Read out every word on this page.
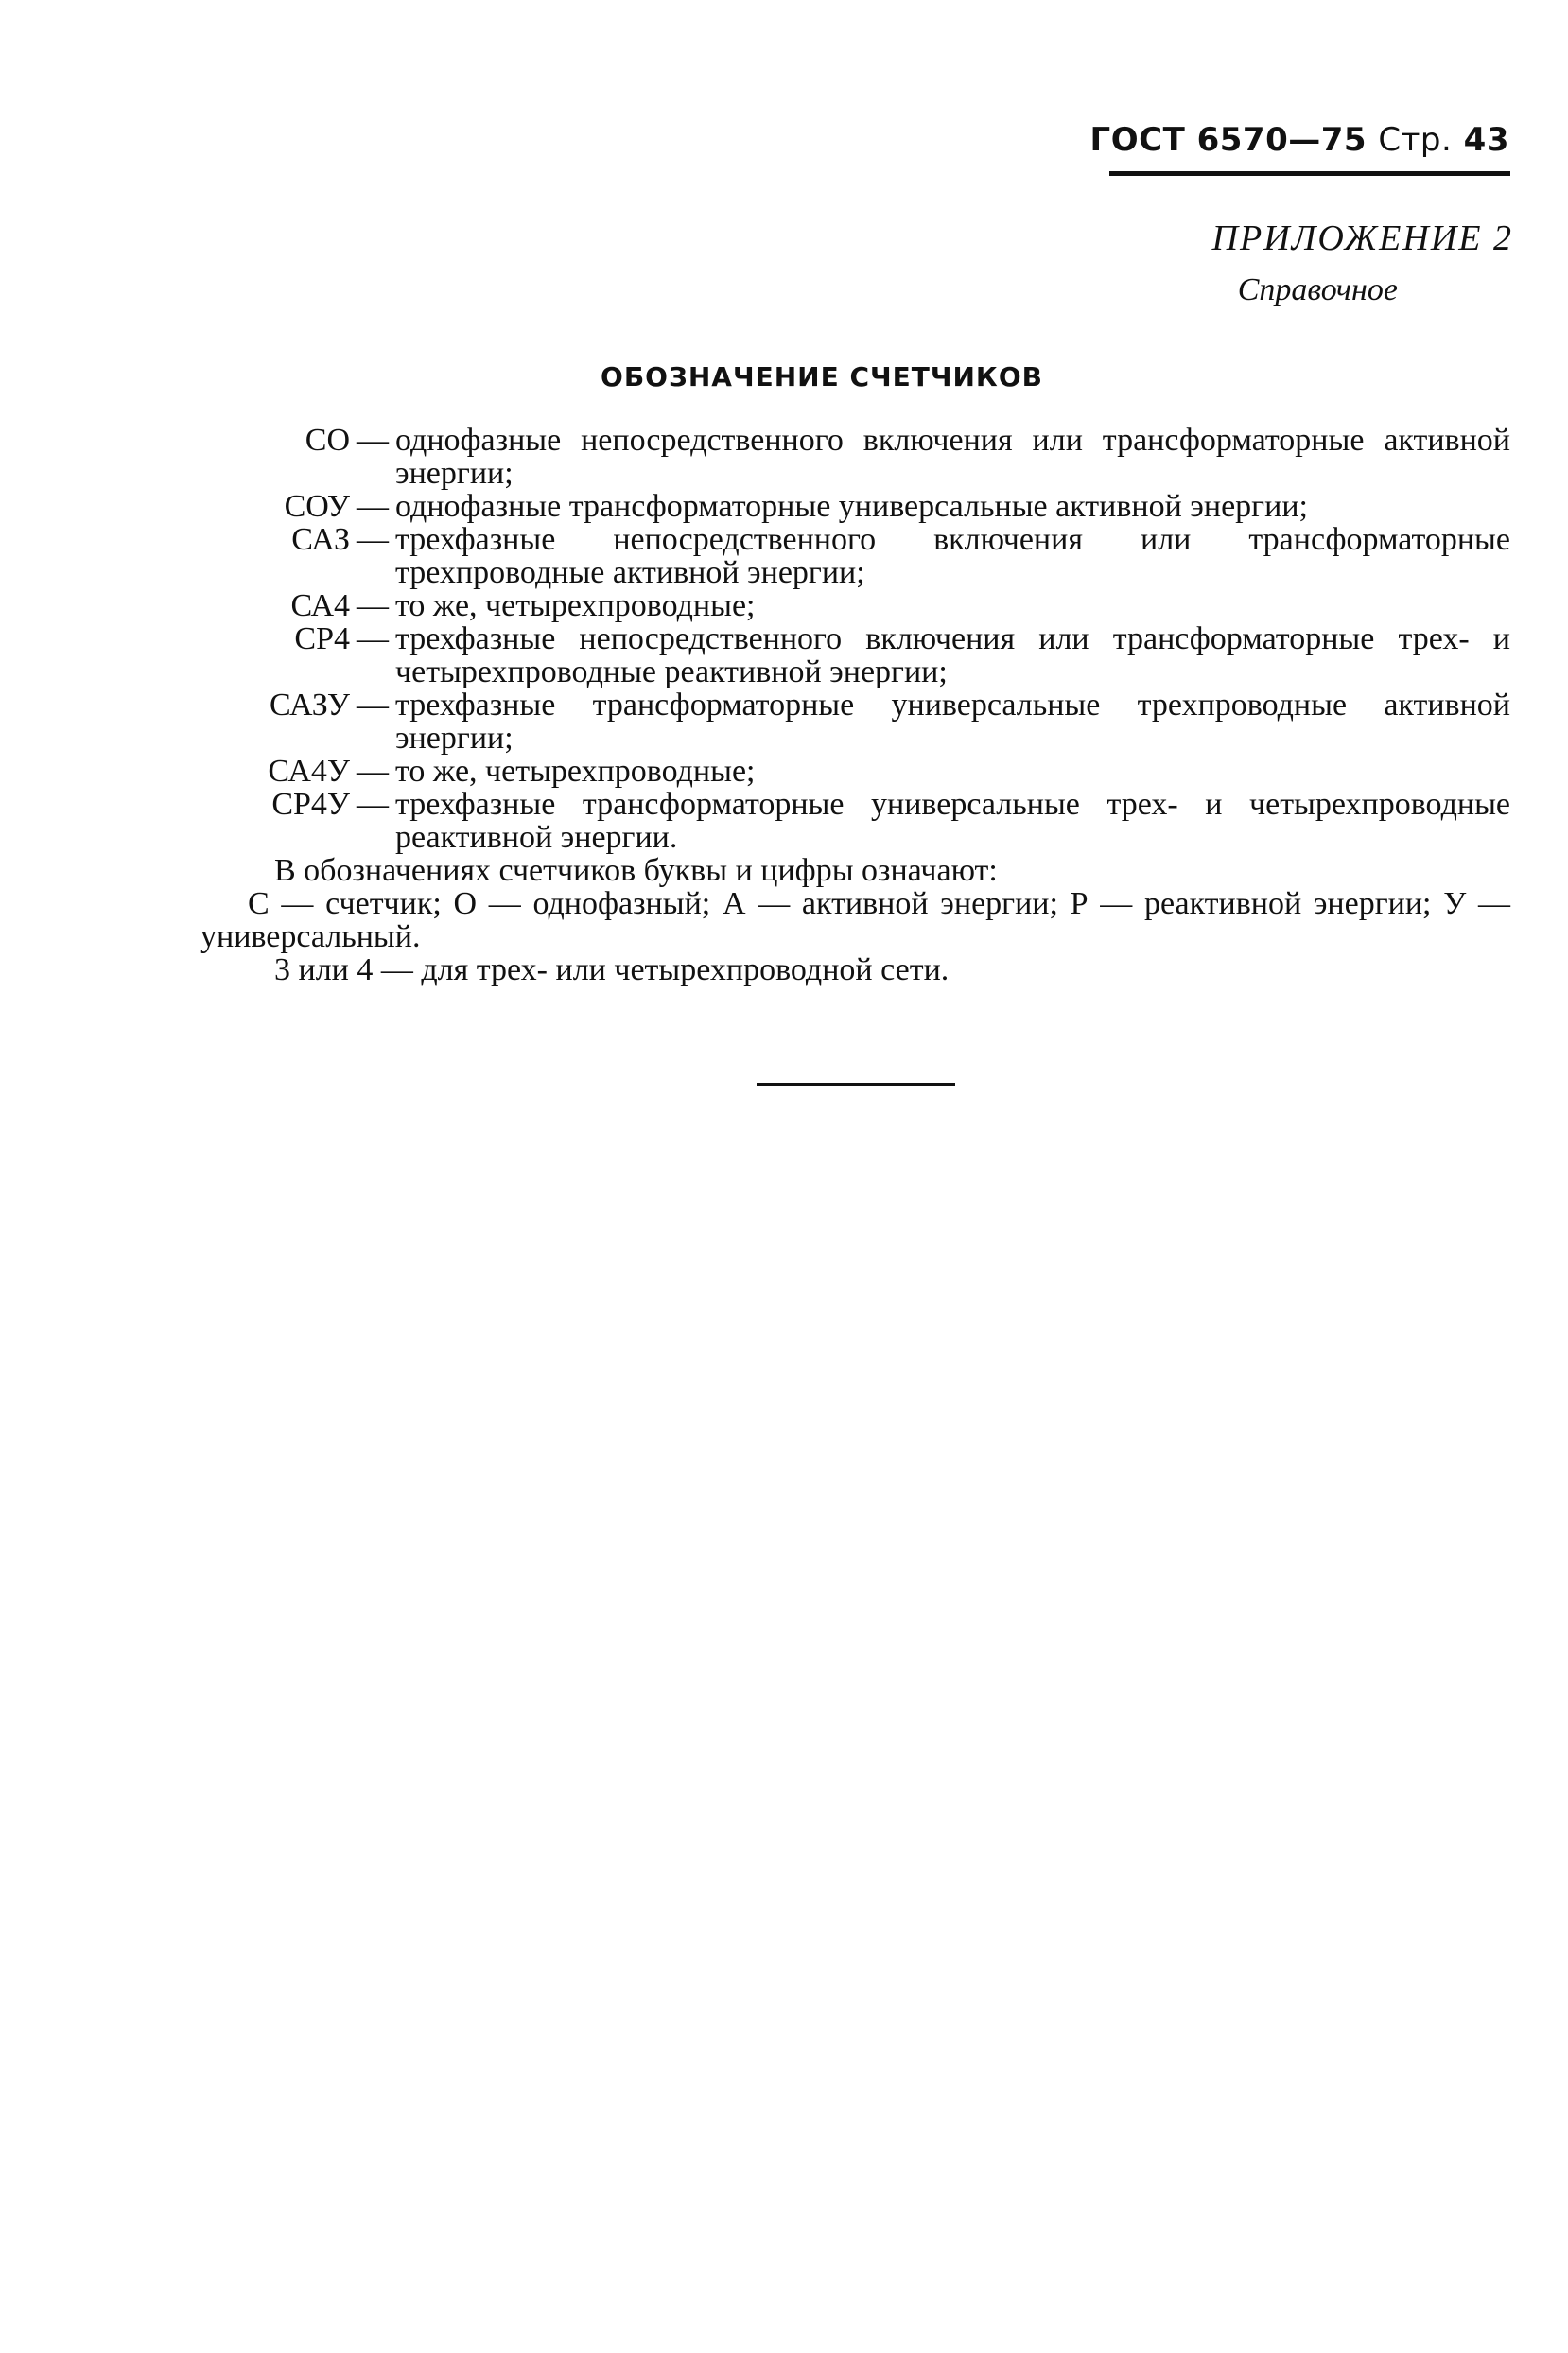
ГОСТ 6570—75 Стр. 43
ПРИЛОЖЕНИЕ 2
Справочное
ОБОЗНАЧЕНИЕ СЧЕТЧИКОВ
СО — однофазные непосредственного включения или трансформаторные активной энергии;
СОУ — однофазные трансформаторные универсальные активной энергии;
САЗ — трехфазные непосредственного включения или трансформаторные трехпроводные активной энергии;
СА4 — то же, четырехпроводные;
СР4 — трехфазные непосредственного включения или трансформаторные трех- и четырехпроводные реактивной энергии;
САЗУ — трехфазные трансформаторные универсальные трехпроводные активной энергии;
СА4У — то же, четырехпроводные;
СР4У — трехфазные трансформаторные универсальные трех- и четырехпроводные реактивной энергии.

В обозначениях счетчиков буквы и цифры означают:

С — счетчик; О — однофазный; А — активной энергии; Р — реактивной энергии; У — универсальный.

3 или 4 — для трех- или четырехпроводной сети.
